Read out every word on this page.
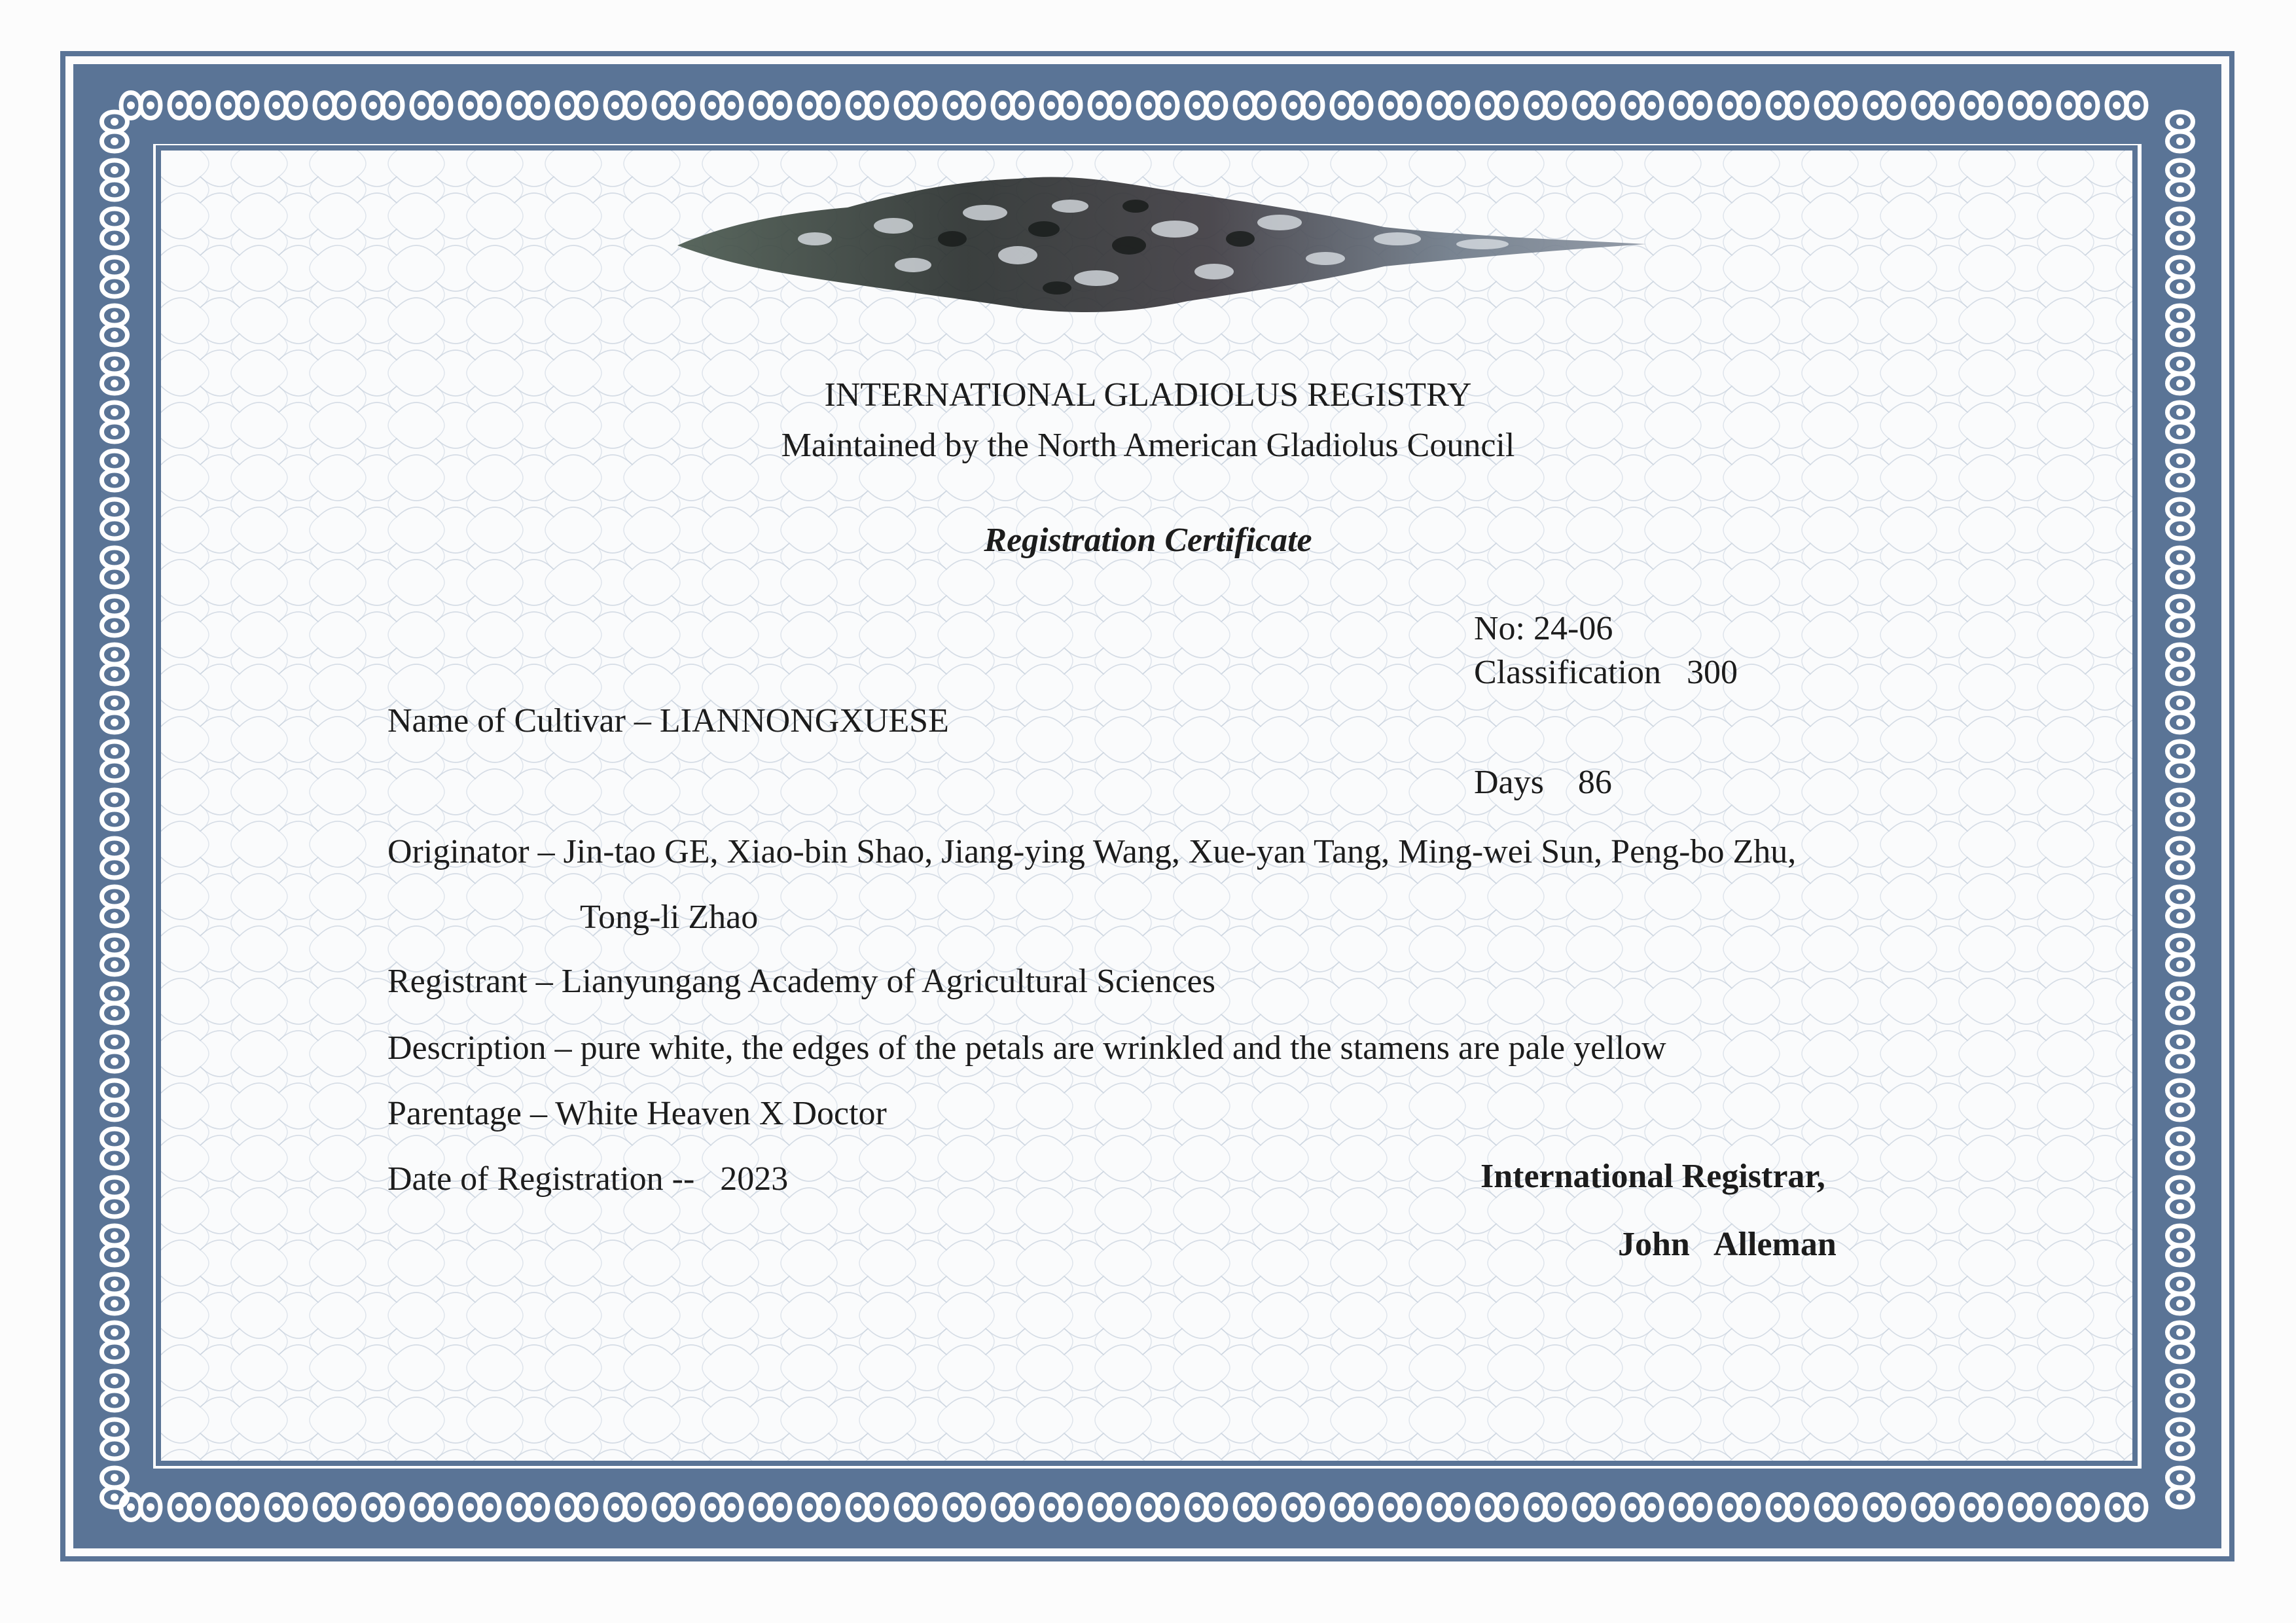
INTERNATIONAL GLADIOLUS REGISTRY
Maintained by the North American Gladiolus Council
Registration Certificate
No: 24-06
Classification 300
Days 86
Name of Cultivar – LIANNONGXUESE
Originator – Jin-tao GE, Xiao-bin Shao, Jiang-ying Wang, Xue-yan Tang, Ming-wei Sun, Peng-bo Zhu,
Tong-li Zhao
Registrant – Lianyungang Academy of Agricultural Sciences
Description – pure white, the edges of the petals are wrinkled and the stamens are pale yellow
Parentage – White Heaven X Doctor
Date of Registration -- 2023	International Registrar,
John   Alleman
